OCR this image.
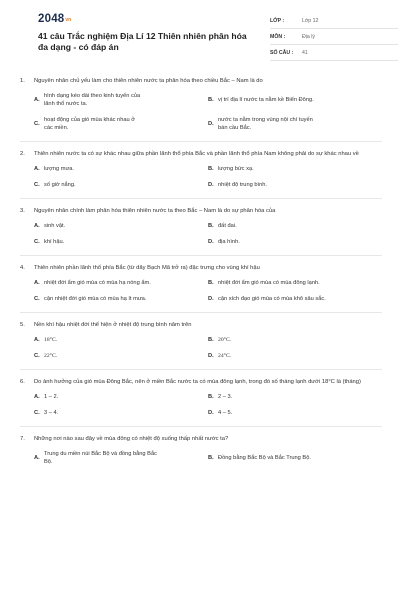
$2048^{vn}$
41 câu Trắc nghiệm Địa Lí 12 Thiên nhiên phân hóa đa dạng - có đáp án
LỚP :	Lớp 12
MÔN :	Địa lý
SỐ CÂU :	41
1.	Nguyên nhân chủ yếu làm cho thiên nhiên nước ta phân hóa theo chiều Bắc – Nam là do
A.
hình dạng kéo dài theo kinh tuyến của lãnh thổ nước ta.
B. vị trí địa lí nước ta nằm kề Biển Đông.
C.
hoạt động của gió mùa khác nhau ở các miền.
D.
nước ta nằm trong vùng nội chí tuyến bán cầu Bắc.
2.	Thiên nhiên nước ta có sự khác nhau giữa phần lãnh thổ phía Bắc và phần lãnh thổ phía Nam không phải do sự khác nhau về
A. lượng mưa.	B. lượng bức xạ.
C. số giờ nắng.	D. nhiệt độ trung bình.
3.	Nguyên nhân chính làm phân hóa thiên nhiên nước ta theo Bắc – Nam là do sự phân hóa của
A. sinh vật.	B. đất đai.
C. khí hậu.	D. địa hình.
4.	Thiên nhiên phần lãnh thổ phía Bắc (từ dãy Bạch Mã trở ra) đặc trưng cho vùng khí hậu
A. nhiệt đới ẩm gió mùa có mùa hạ nóng ẩm.	B. nhiệt đới ẩm gió mùa có mùa đông lạnh.
C. cận nhiệt đới gió mùa có mùa hạ ít mưa.	D. cận xích đạo gió mùa có mùa khô sâu sắc.
5.	Nền khí hậu nhiệt đới thể hiện ở nhiệt độ trung bình năm trên
A. 18°C.	B. 20°C.
C. 22°C.	D. 24°C.
6.	Do ảnh hưởng của gió mùa Đông Bắc, nên ở miền Bắc nước ta có mùa đông lạnh, trong đó số tháng lạnh dưới 18°C là (tháng)
A. 1 – 2.	B. 2 – 3.
C. 3 – 4.	D. 4 – 5.
7.	Những nơi nào sau đây về mùa đông có nhiệt độ xuống thấp nhất nước ta?
A.
Trung du miền núi Bắc Bộ và đồng bằng Bắc Bộ.
B. Đồng bằng Bắc Bộ và Bắc Trung Bộ.
